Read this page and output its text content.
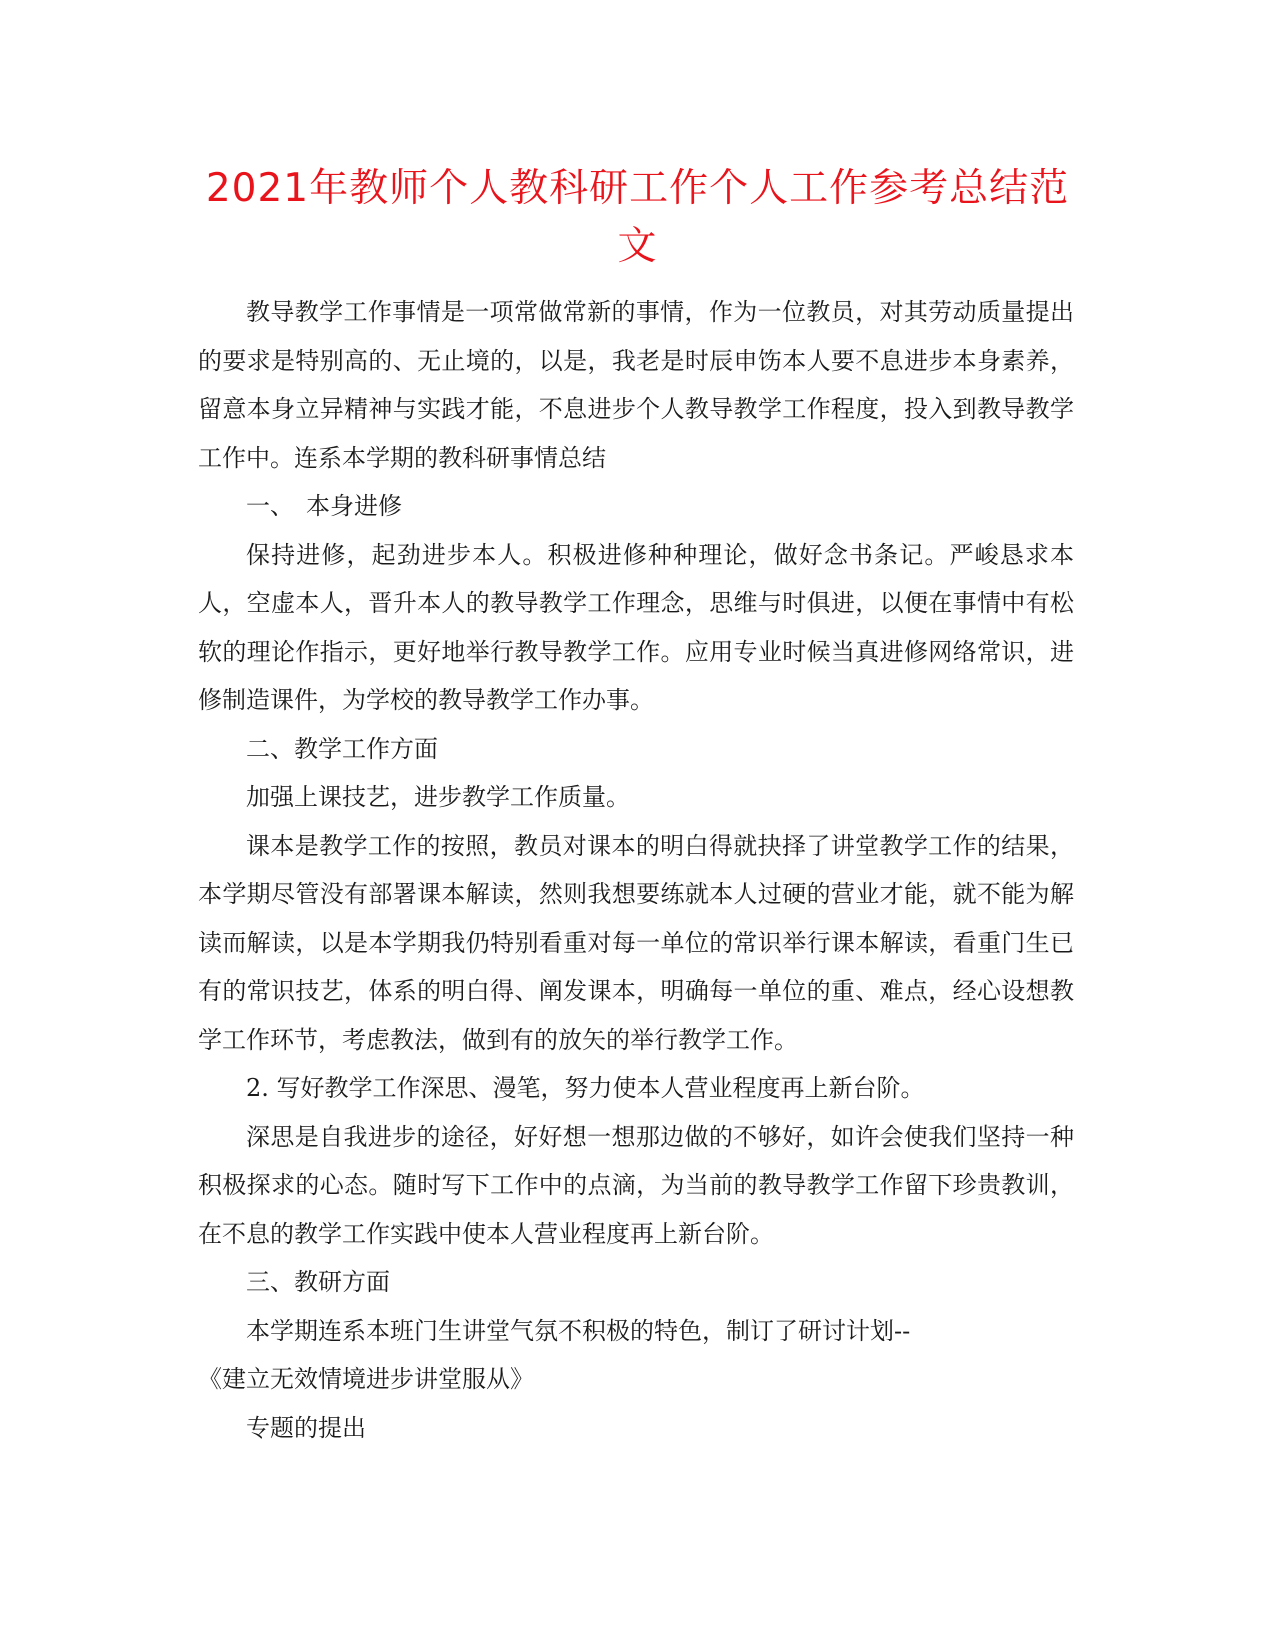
2021年教师个人教科研工作个人工作参考总结范文

教导教学工作事情是一项常做常新的事情，作为一位教员，对其劳动质量提出的要求是特别高的、无止境的，以是，我老是时辰申饬本人要不息进步本身素养，留意本身立异精神与实践才能，不息进步个人教导教学工作程度，投入到教导教学工作中。连系本学期的教科研事情总结

一、　本身进修

保持进修，起劲进步本人。积极进修种种理论，做好念书条记。严峻恳求本人，空虚本人，晋升本人的教导教学工作理念，思维与时俱进，以便在事情中有松软的理论作指示，更好地举行教导教学工作。应用专业时候当真进修网络常识，进修制造课件，为学校的教导教学工作办事。

二、教学工作方面

加强上课技艺，进步教学工作质量。

课本是教学工作的按照，教员对课本的明白得就抉择了讲堂教学工作的结果，本学期尽管没有部署课本解读，然则我想要练就本人过硬的营业才能，就不能为解读而解读，以是本学期我仍特别看重对每一单位的常识举行课本解读，看重门生已有的常识技艺，体系的明白得、阐发课本，明确每一单位的重、难点，经心设想教学工作环节，考虑教法，做到有的放矢的举行教学工作。

2. 写好教学工作深思、漫笔，努力使本人营业程度再上新台阶。

深思是自我进步的途径，好好想一想那边做的不够好，如许会使我们坚持一种积极探求的心态。随时写下工作中的点滴，为当前的教导教学工作留下珍贵教训，在不息的教学工作实践中使本人营业程度再上新台阶。

三、教研方面

本学期连系本班门生讲堂气氛不积极的特色，制订了研讨计划--

《建立无效情境进步讲堂服从》

专题的提出
